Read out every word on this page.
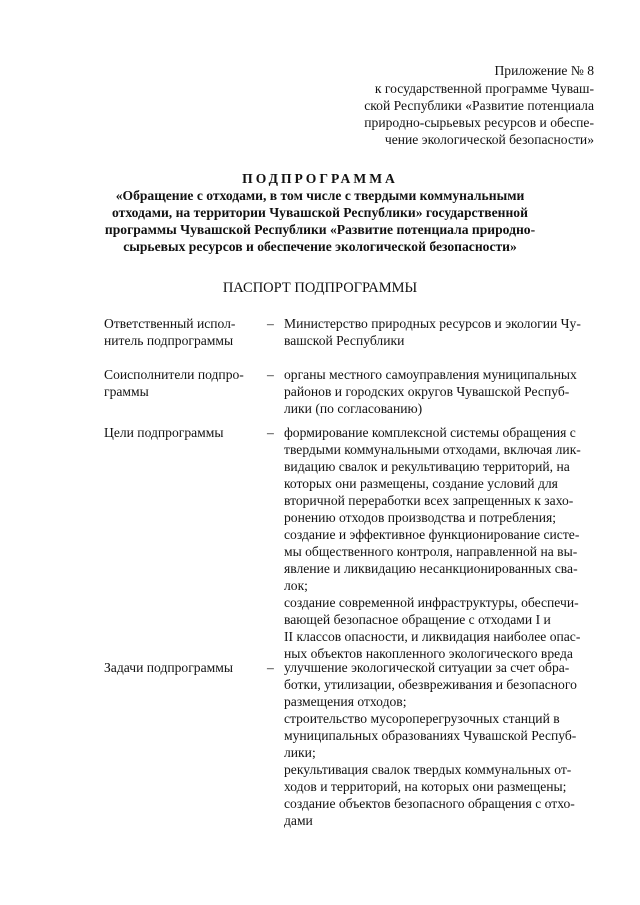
Приложение № 8
к государственной программе Чуваш-
ской Республики «Развитие потенциала
природно-сырьевых ресурсов и обеспе-
чение экологической безопасности»
ПОДПРОГРАММА
«Обращение с отходами, в том числе с твердыми коммунальными
отходами, на территории Чувашской Республики» государственной
программы Чувашской Республики «Развитие потенциала природно-
сырьевых ресурсов и обеспечение экологической безопасности»
ПАСПОРТ ПОДПРОГРАММЫ
Ответственный испол-
нитель подпрограммы
– Министерство природных ресурсов и экологии Чу-
вашской Республики
Соисполнители подпро-
граммы
– органы местного самоуправления муниципальных
районов и городских округов Чувашской Респуб-
лики (по согласованию)
Цели подпрограммы	– формирование комплексной системы обращения с
твердыми коммунальными отходами, включая лик-
видацию свалок и рекультивацию территорий, на
которых они размещены, создание условий для
вторичной переработки всех запрещенных к захо-
ронению отходов производства и потребления;
создание и эффективное функционирование систе-
мы общественного контроля, направленной на вы-
явление и ликвидацию несанкционированных сва-
лок;
создание современной инфраструктуры, обеспечи-
вающей безопасное обращение с отходами I и
II классов опасности, и ликвидация наиболее опас-
ных объектов накопленного экологического вреда
Задачи подпрограммы	– улучшение экологической ситуации за счет обра-
ботки, утилизации, обезвреживания и безопасного
размещения отходов;
строительство мусороперегрузочных станций в
муниципальных образованиях Чувашской Респуб-
лики;
рекультивация свалок твердых коммунальных от-
ходов и территорий, на которых они размещены;
создание объектов безопасного обращения с отхо-
дами
